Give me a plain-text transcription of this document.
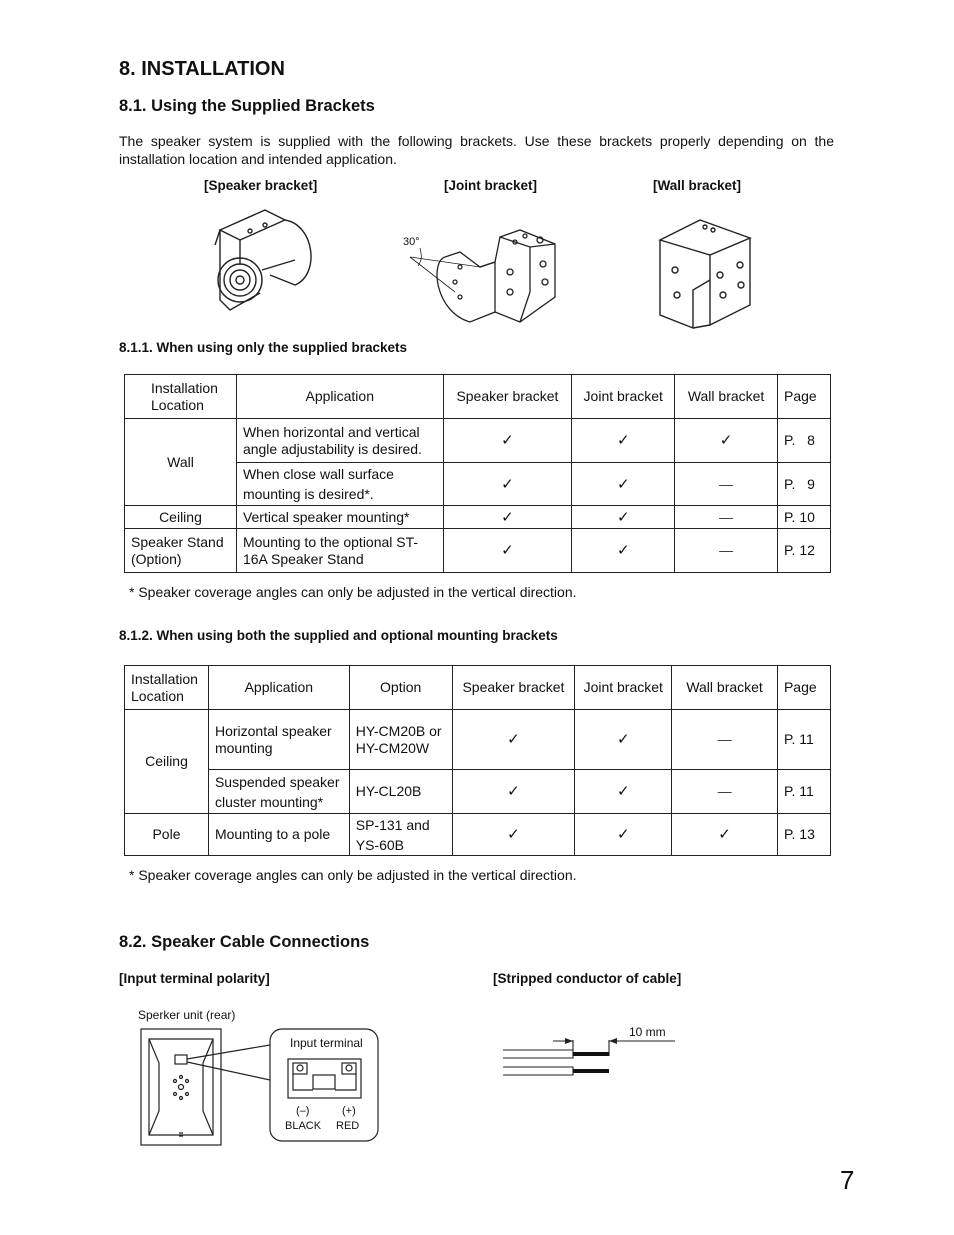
8. INSTALLATION
8.1. Using the Supplied Brackets
The speaker system is supplied with the following brackets. Use these brackets properly depending on the installation location and intended application.
[Speaker bracket]	[Joint bracket]	[Wall bracket]
30°
8.1.1. When using only the supplied brackets
Installation Location	Application	Speaker bracket	Joint bracket	Wall bracket	Page
Wall	When horizontal and vertical angle adjustability is desired.	✓	✓	✓	P.   8
	When close wall surface mounting is desired*.	✓	✓	—	P.   9
Ceiling	Vertical speaker mounting*	✓	✓	—	P. 10
Speaker Stand (Option)	Mounting to the optional ST-16A Speaker Stand	✓	✓	—	P. 12
* Speaker coverage angles can only be adjusted in the vertical direction.
8.1.2. When using both the supplied and optional mounting brackets
Installation Location	Application	Option	Speaker bracket	Joint bracket	Wall bracket	Page
Ceiling	Horizontal speaker mounting	HY-CM20B or HY-CM20W	✓	✓	—	P. 11
	Suspended speaker cluster mounting*	HY-CL20B	✓	✓	—	P. 11
Pole	Mounting to a pole	SP-131 and YS-60B	✓	✓	✓	P. 13
* Speaker coverage angles can only be adjusted in the vertical direction.
8.2. Speaker Cable Connections
[Input terminal polarity]	[Stripped conductor of cable]
Sperker unit (rear)
Input terminal
(–)	(+)
BLACK RED
10 mm
7
